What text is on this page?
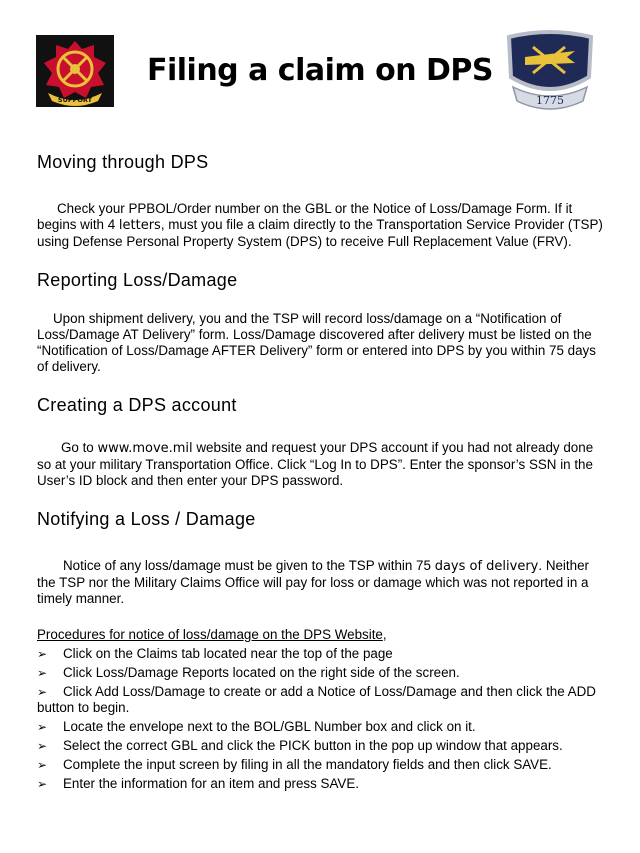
SUPPORT
Filing a claim on DPS
1775
Moving through DPS

Check your PPBOL/Order number on the GBL or the Notice of Loss/Damage Form. If it begins with 4 letters, must you file a claim directly to the Transportation Service Provider (TSP) using Defense Personal Property System (DPS) to receive Full Replacement Value (FRV).

Reporting Loss/Damage

Upon shipment delivery, you and the TSP will record loss/damage on a “Notification of Loss/Damage AT Delivery” form. Loss/Damage discovered after delivery must be listed on the “Notification of Loss/Damage AFTER Delivery” form or entered into DPS by you within 75 days of delivery.

Creating a DPS account

Go to www.move.mil website and request your DPS account if you had not already done so at your military Transportation Office. Click “Log In to DPS”. Enter the sponsor’s SSN in the User’s ID block and then enter your DPS password.

Notifying a Loss / Damage

Notice of any loss/damage must be given to the TSP within 75 days of delivery. Neither the TSP nor the Military Claims Office will pay for loss or damage which was not reported in a timely manner.

Procedures for notice of loss/damage on the DPS Website,

➢ Click on the Claims tab located near the top of the page
➢ Click Loss/Damage Reports located on the right side of the screen.
➢ Click Add Loss/Damage to create or add a Notice of Loss/Damage and then click the ADD button to begin.
➢ Locate the envelope next to the BOL/GBL Number box and click on it.
➢ Select the correct GBL and click the PICK button in the pop up window that appears.
➢ Complete the input screen by filing in all the mandatory fields and then click SAVE.
➢ Enter the information for an item and press SAVE.
